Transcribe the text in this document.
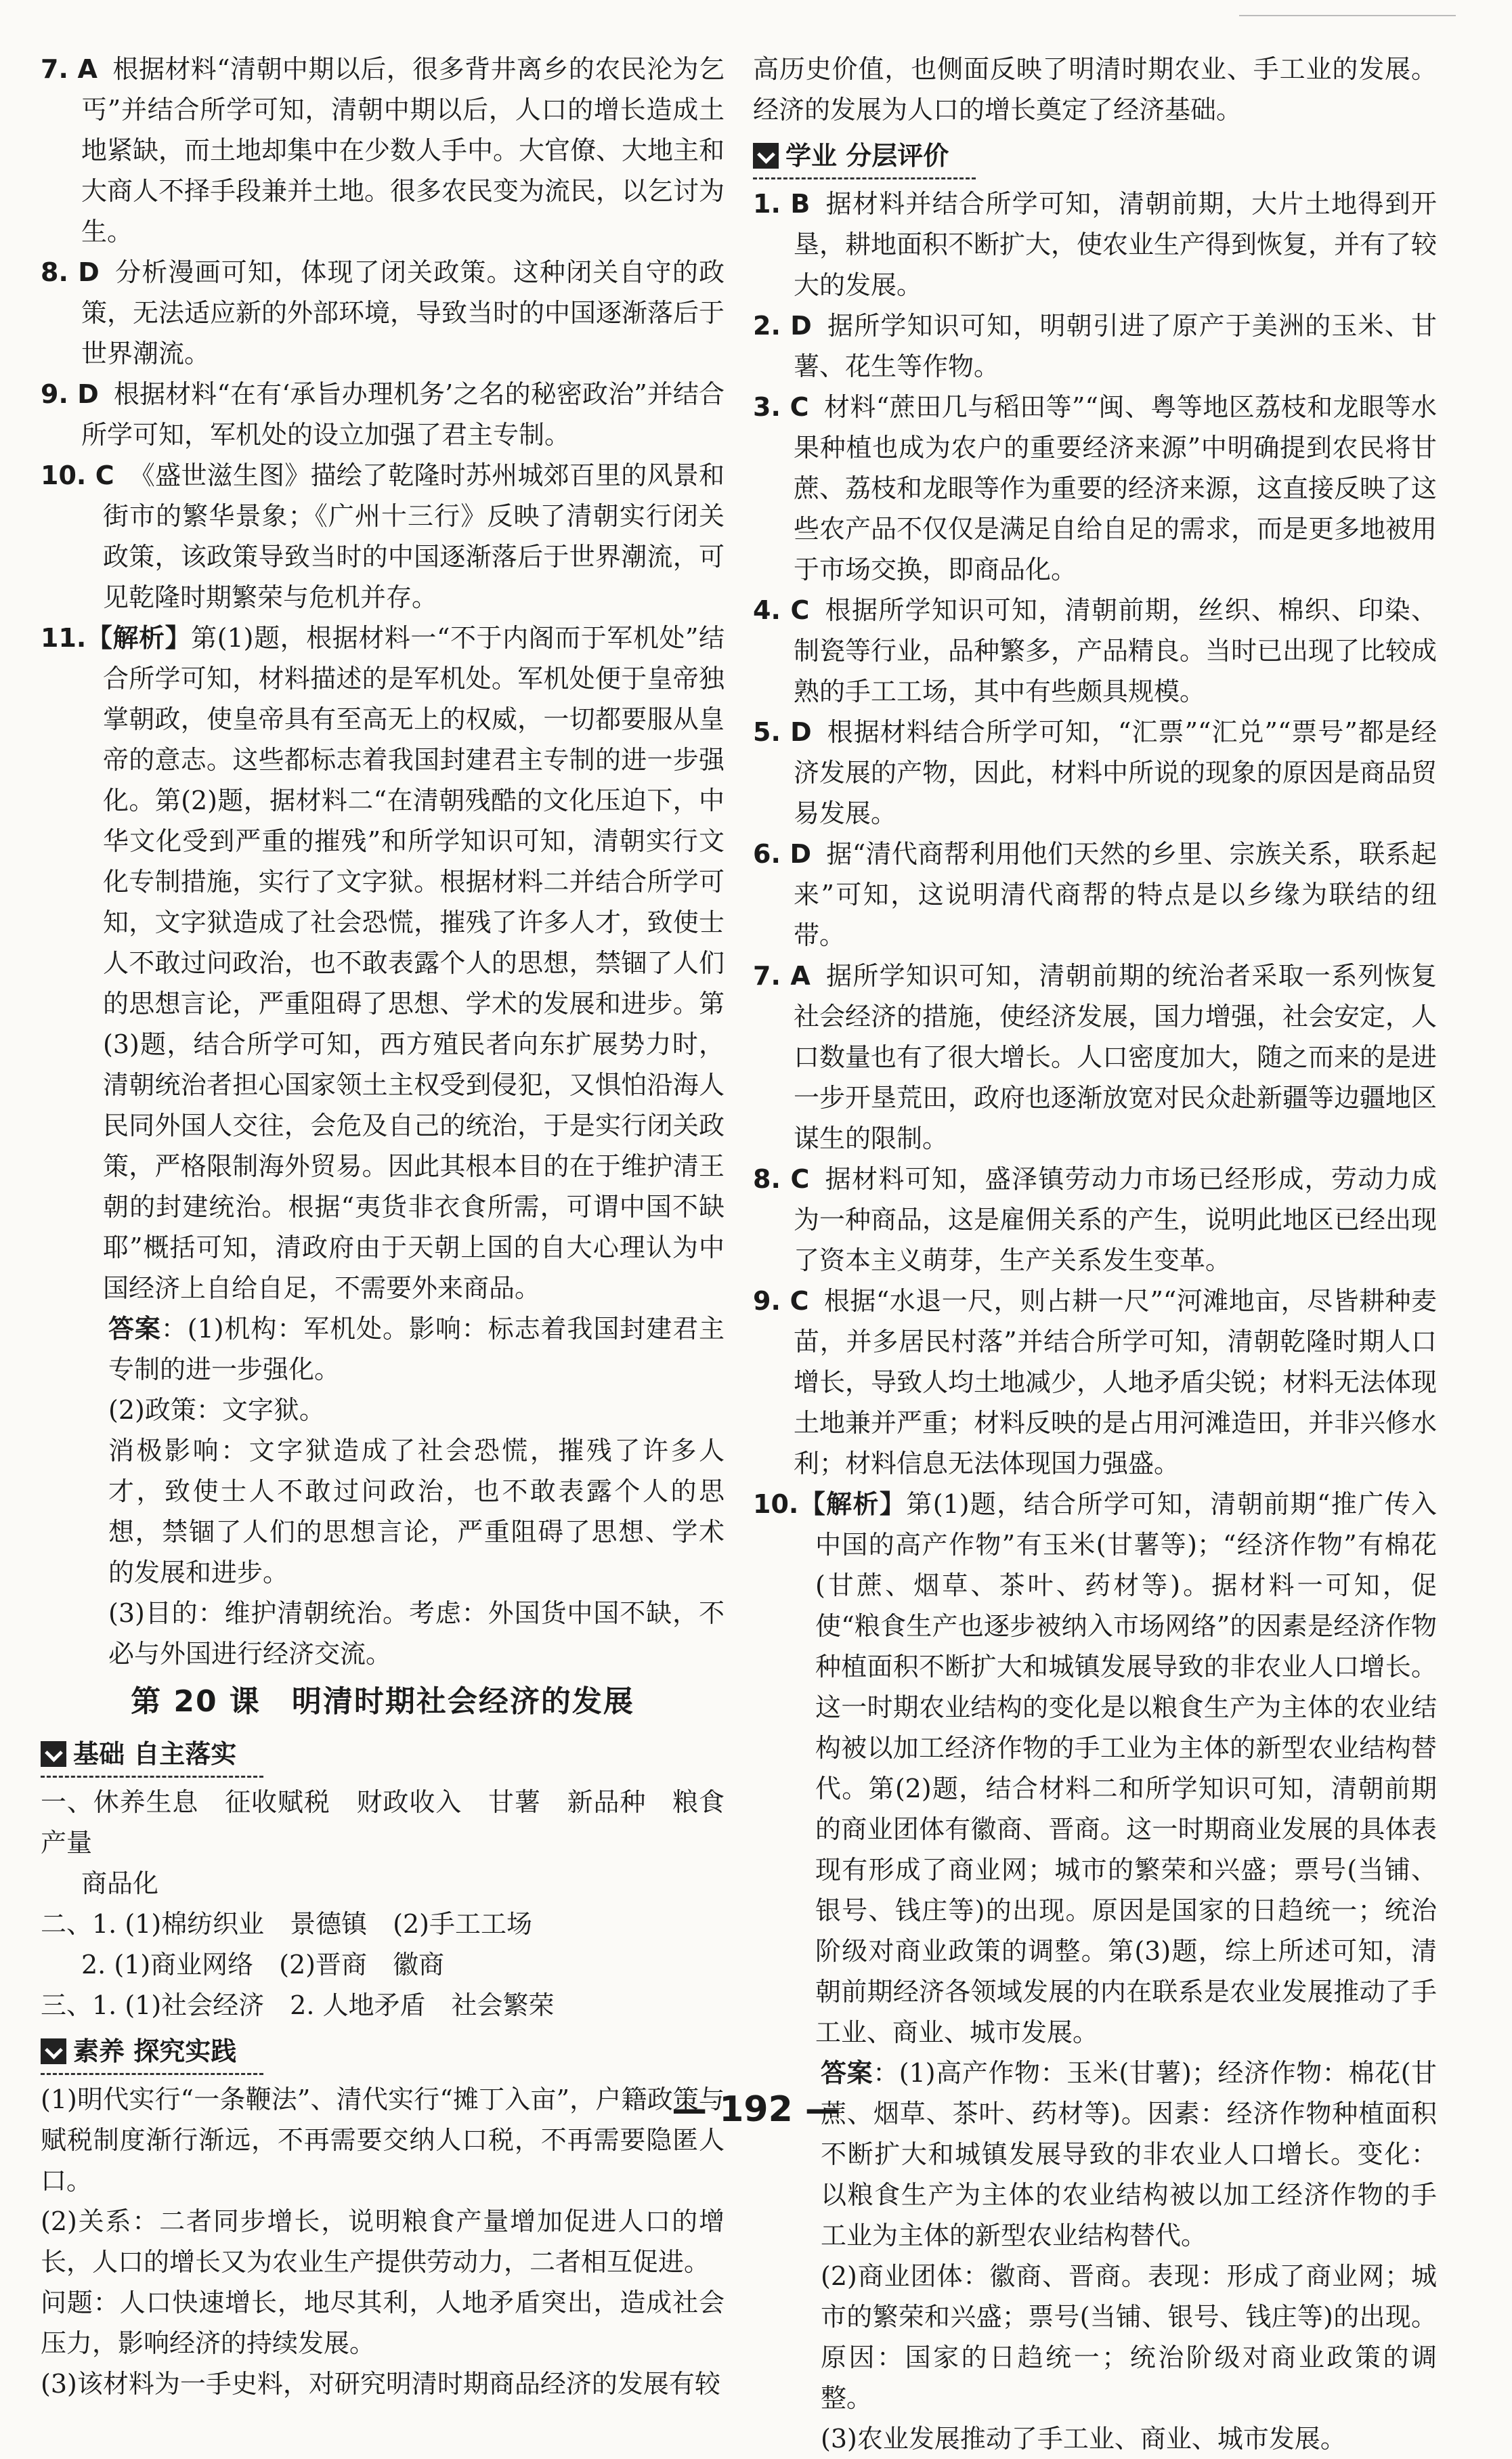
7. A 根据材料“清朝中期以后，很多背井离乡的农民沦为乞丐”并结合所学可知，清朝中期以后，人口的增长造成土地紧缺，而土地却集中在少数人手中。大官僚、大地主和大商人不择手段兼并土地。很多农民变为流民，以乞讨为生。

8. D 分析漫画可知，体现了闭关政策。这种闭关自守的政策，无法适应新的外部环境，导致当时的中国逐渐落后于世界潮流。

9. D 根据材料“在有‘承旨办理机务’之名的秘密政治”并结合所学可知，军机处的设立加强了君主专制。

10. C 《盛世滋生图》描绘了乾隆时苏州城郊百里的风景和街市的繁华景象；《广州十三行》反映了清朝实行闭关政策，该政策导致当时的中国逐渐落后于世界潮流，可见乾隆时期繁荣与危机并存。

11.【解析】第(1)题，根据材料一“不于内阁而于军机处”结合所学可知，材料描述的是军机处。军机处便于皇帝独掌朝政，使皇帝具有至高无上的权威，一切都要服从皇帝的意志。这些都标志着我国封建君主专制的进一步强化。第(2)题，据材料二“在清朝残酷的文化压迫下，中华文化受到严重的摧残”和所学知识可知，清朝实行文化专制措施，实行了文字狱。根据材料二并结合所学可知，文字狱造成了社会恐慌，摧残了许多人才，致使士人不敢过问政治，也不敢表露个人的思想，禁锢了人们的思想言论，严重阻碍了思想、学术的发展和进步。第(3)题，结合所学可知，西方殖民者向东扩展势力时，清朝统治者担心国家领土主权受到侵犯，又惧怕沿海人民同外国人交往，会危及自己的统治，于是实行闭关政策，严格限制海外贸易。因此其根本目的在于维护清王朝的封建统治。根据“夷货非衣食所需，可谓中国不缺耶”概括可知，清政府由于天朝上国的自大心理认为中国经济上自给自足，不需要外来商品。

答案：(1)机构：军机处。影响：标志着我国封建君主专制的进一步强化。

(2)政策：文字狱。

消极影响：文字狱造成了社会恐慌，摧残了许多人才，致使士人不敢过问政治，也不敢表露个人的思想，禁锢了人们的思想言论，严重阻碍了思想、学术的发展和进步。

(3)目的：维护清朝统治。考虑：外国货中国不缺，不必与外国进行经济交流。

第 20 课　明清时期社会经济的发展
基础 自主落实

一、休养生息　征收赋税　财政收入　甘薯　新品种　粮食产量

商品化

二、1. (1)棉纺织业　景德镇　(2)手工工场

2. (1)商业网络　(2)晋商　徽商

三、1. (1)社会经济　2. 人地矛盾　社会繁荣

素养 探究实践

(1)明代实行“一条鞭法”、清代实行“摊丁入亩”，户籍政策与赋税制度渐行渐远，不再需要交纳人口税，不再需要隐匿人口。

(2)关系：二者同步增长，说明粮食产量增加促进人口的增长，人口的增长又为农业生产提供劳动力，二者相互促进。

问题：人口快速增长，地尽其利，人地矛盾突出，造成社会压力，影响经济的持续发展。

(3)该材料为一手史料，对研究明清时期商品经济的发展有较

高历史价值，也侧面反映了明清时期农业、手工业的发展。经济的发展为人口的增长奠定了经济基础。

学业 分层评价

1. B 据材料并结合所学可知，清朝前期，大片土地得到开垦，耕地面积不断扩大，使农业生产得到恢复，并有了较大的发展。

2. D 据所学知识可知，明朝引进了原产于美洲的玉米、甘薯、花生等作物。

3. C 材料“蔗田几与稻田等”“闽、粤等地区荔枝和龙眼等水果种植也成为农户的重要经济来源”中明确提到农民将甘蔗、荔枝和龙眼等作为重要的经济来源，这直接反映了这些农产品不仅仅是满足自给自足的需求，而是更多地被用于市场交换，即商品化。

4. C 根据所学知识可知，清朝前期，丝织、棉织、印染、制瓷等行业，品种繁多，产品精良。当时已出现了比较成熟的手工工场，其中有些颇具规模。

5. D 根据材料结合所学可知，“汇票”“汇兑”“票号”都是经济发展的产物，因此，材料中所说的现象的原因是商品贸易发展。

6. D 据“清代商帮利用他们天然的乡里、宗族关系，联系起来”可知，这说明清代商帮的特点是以乡缘为联结的纽带。

7. A 据所学知识可知，清朝前期的统治者采取一系列恢复社会经济的措施，使经济发展，国力增强，社会安定，人口数量也有了很大增长。人口密度加大，随之而来的是进一步开垦荒田，政府也逐渐放宽对民众赴新疆等边疆地区谋生的限制。

8. C 据材料可知，盛泽镇劳动力市场已经形成，劳动力成为一种商品，这是雇佣关系的产生，说明此地区已经出现了资本主义萌芽，生产关系发生变革。

9. C 根据“水退一尺，则占耕一尺”“河滩地亩，尽皆耕种麦苗，并多居民村落”并结合所学可知，清朝乾隆时期人口增长，导致人均土地减少，人地矛盾尖锐；材料无法体现土地兼并严重；材料反映的是占用河滩造田，并非兴修水利；材料信息无法体现国力强盛。

10.【解析】第(1)题，结合所学可知，清朝前期“推广传入中国的高产作物”有玉米(甘薯等)；“经济作物”有棉花(甘蔗、烟草、茶叶、药材等)。据材料一可知，促使“粮食生产也逐步被纳入市场网络”的因素是经济作物种植面积不断扩大和城镇发展导致的非农业人口增长。这一时期农业结构的变化是以粮食生产为主体的农业结构被以加工经济作物的手工业为主体的新型农业结构替代。第(2)题，结合材料二和所学知识可知，清朝前期的商业团体有徽商、晋商。这一时期商业发展的具体表现有形成了商业网；城市的繁荣和兴盛；票号(当铺、银号、钱庄等)的出现。原因是国家的日趋统一；统治阶级对商业政策的调整。第(3)题，综上所述可知，清朝前期经济各领域发展的内在联系是农业发展推动了手工业、商业、城市发展。

答案：(1)高产作物：玉米(甘薯)；经济作物：棉花(甘蔗、烟草、茶叶、药材等)。因素：经济作物种植面积不断扩大和城镇发展导致的非农业人口增长。变化：以粮食生产为主体的农业结构被以加工经济作物的手工业为主体的新型农业结构替代。

(2)商业团体：徽商、晋商。表现：形成了商业网；城市的繁荣和兴盛；票号(当铺、银号、钱庄等)的出现。原因：国家的日趋统一；统治阶级对商业政策的调整。

(3)农业发展推动了手工业、商业、城市发展。

— 192 —
